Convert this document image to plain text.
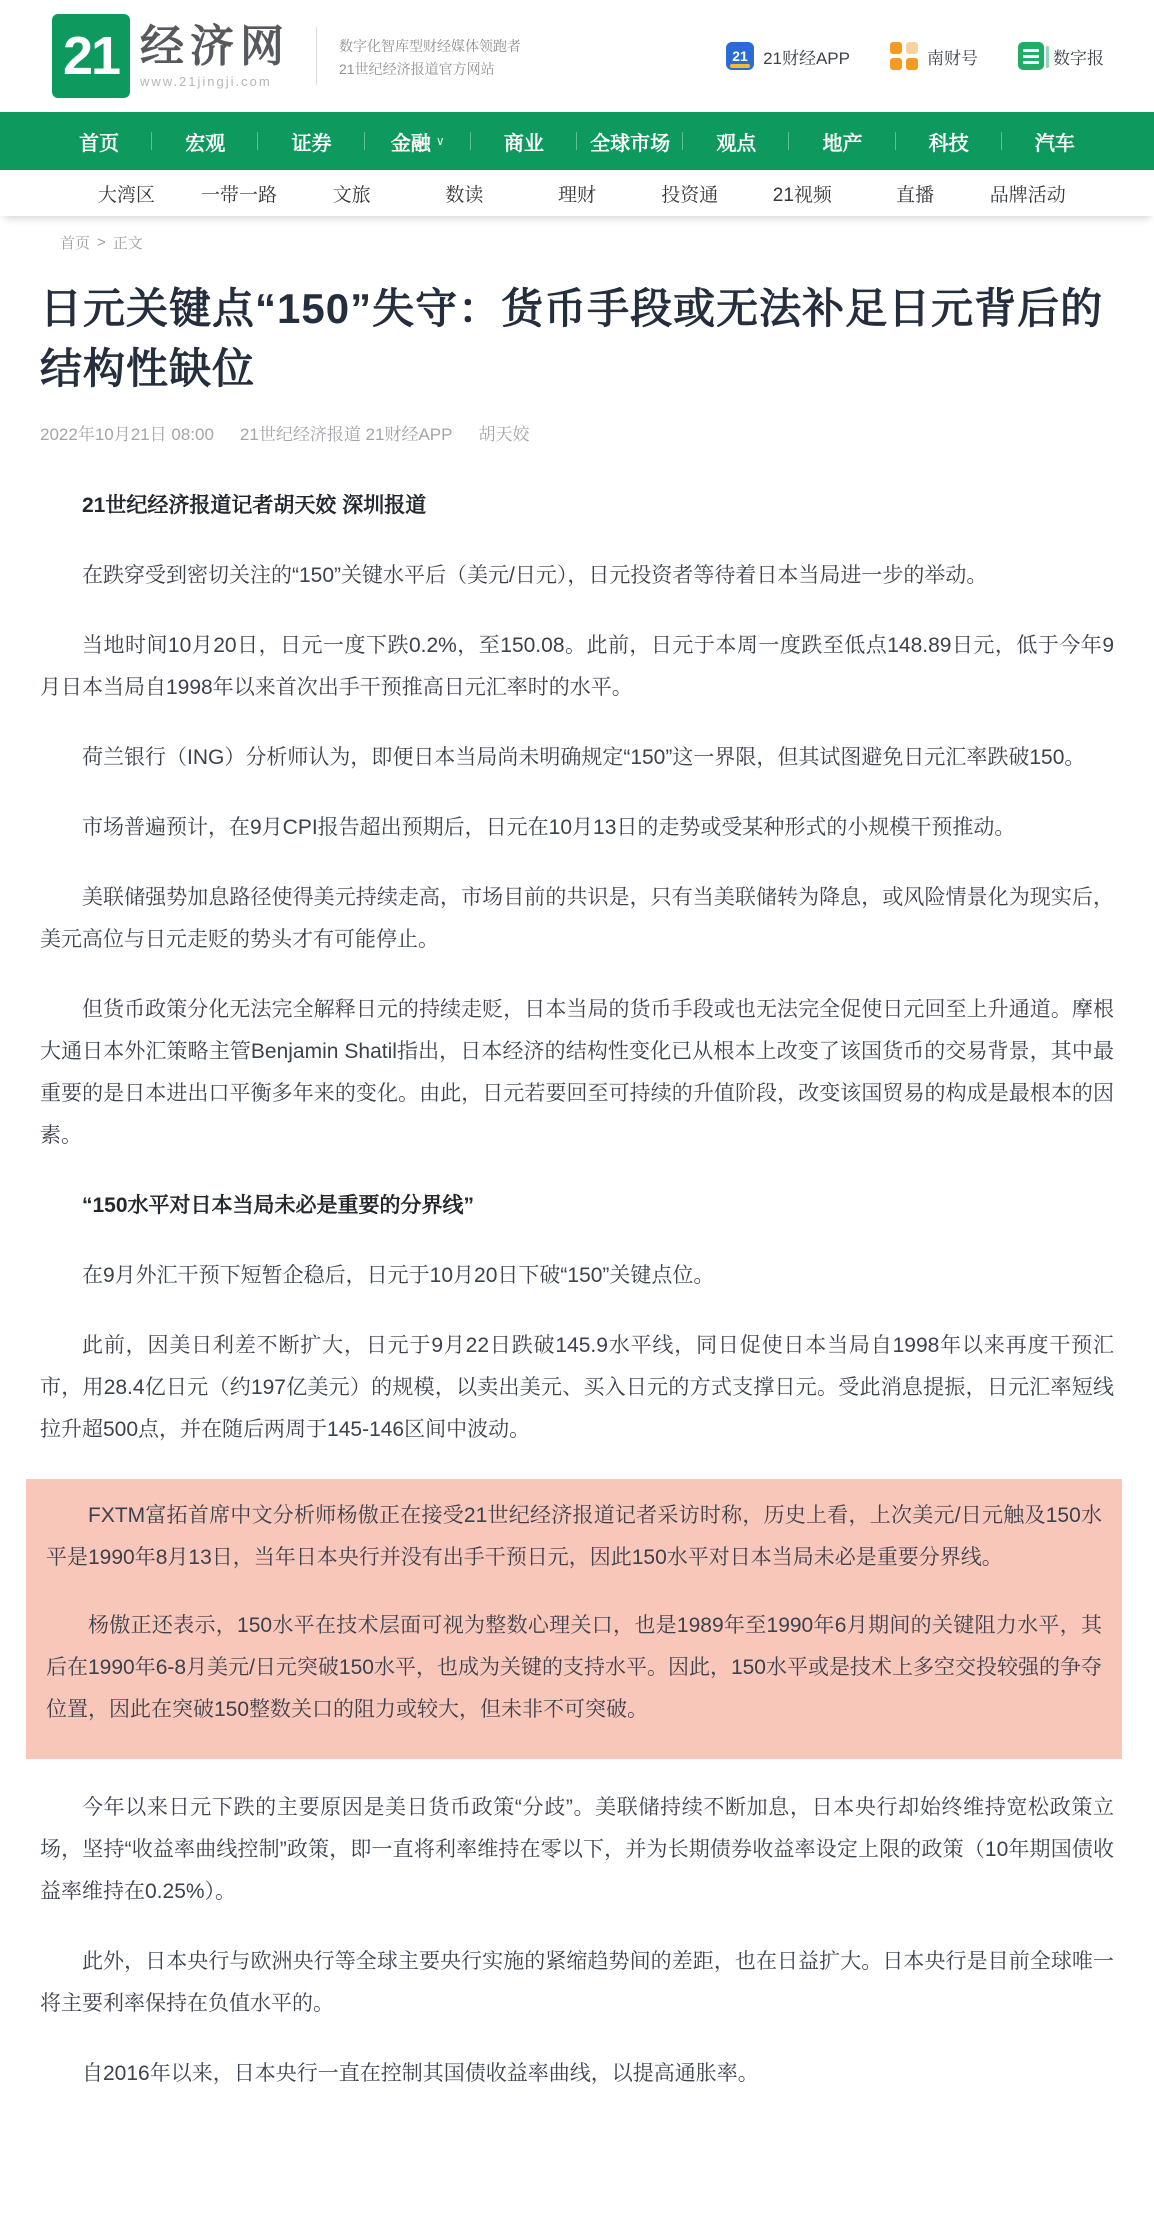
21 经济网
www.21jingji.com
数字化智库型财经媒体领跑者
21世纪经济报道官方网站
21 21财经APP	南财号	数字报
首页	宏观	证券	金融 ∨	商业	全球市场	观点	地产	科技	汽车
大湾区	一带一路	文旅	数读	理财	投资通	21视频	直播	品牌活动
首页 > 正文
日元关键点“150”失守：货币手段或无法补足日元背后的结构性缺位
2022年10月21日 08:00 21世纪经济报道 21财经APP 胡天姣

21世纪经济报道记者胡天姣 深圳报道

在跌穿受到密切关注的“150”关键水平后（美元/日元），日元投资者等待着日本当局进一步的举动。

当地时间10月20日，日元一度下跌0.2%，至150.08。此前，日元于本周一度跌至低点148.89日元，低于今年9月日本当局自1998年以来首次出手干预推高日元汇率时的水平。

荷兰银行（ING）分析师认为，即便日本当局尚未明确规定“150”这一界限，但其试图避免日元汇率跌破150。

市场普遍预计，在9月CPI报告超出预期后，日元在10月13日的走势或受某种形式的小规模干预推动。

美联储强势加息路径使得美元持续走高，市场目前的共识是，只有当美联储转为降息，或风险情景化为现实后，美元高位与日元走贬的势头才有可能停止。

但货币政策分化无法完全解释日元的持续走贬，日本当局的货币手段或也无法完全促使日元回至上升通道。摩根大通日本外汇策略主管Benjamin Shatil指出，日本经济的结构性变化已从根本上改变了该国货币的交易背景，其中最重要的是日本进出口平衡多年来的变化。由此，日元若要回至可持续的升值阶段，改变该国贸易的构成是最根本的因素。

“150水平对日本当局未必是重要的分界线”

在9月外汇干预下短暂企稳后，日元于10月20日下破“150”关键点位。

此前，因美日利差不断扩大，日元于9月22日跌破145.9水平线，同日促使日本当局自1998年以来再度干预汇市，用28.4亿日元（约197亿美元）的规模，以卖出美元、买入日元的方式支撑日元。受此消息提振，日元汇率短线拉升超500点，并在随后两周于145-146区间中波动。

FXTM富拓首席中文分析师杨傲正在接受21世纪经济报道记者采访时称，历史上看，上次美元/日元触及150水平是1990年8月13日，当年日本央行并没有出手干预日元，因此150水平对日本当局未必是重要分界线。

杨傲正还表示，150水平在技术层面可视为整数心理关口，也是1989年至1990年6月期间的关键阻力水平，其后在1990年6-8月美元/日元突破150水平，也成为关键的支持水平。因此，150水平或是技术上多空交投较强的争夺位置，因此在突破150整数关口的阻力或较大，但未非不可突破。

今年以来日元下跌的主要原因是美日货币政策“分歧”。美联储持续不断加息，日本央行却始终维持宽松政策立场，坚持“收益率曲线控制”政策，即一直将利率维持在零以下，并为长期债券收益率设定上限的政策（10年期国债收益率维持在0.25%）。

此外，日本央行与欧洲央行等全球主要央行实施的紧缩趋势间的差距，也在日益扩大。日本央行是目前全球唯一将主要利率保持在负值水平的。

自2016年以来，日本央行一直在控制其国债收益率曲线，以提高通胀率。
